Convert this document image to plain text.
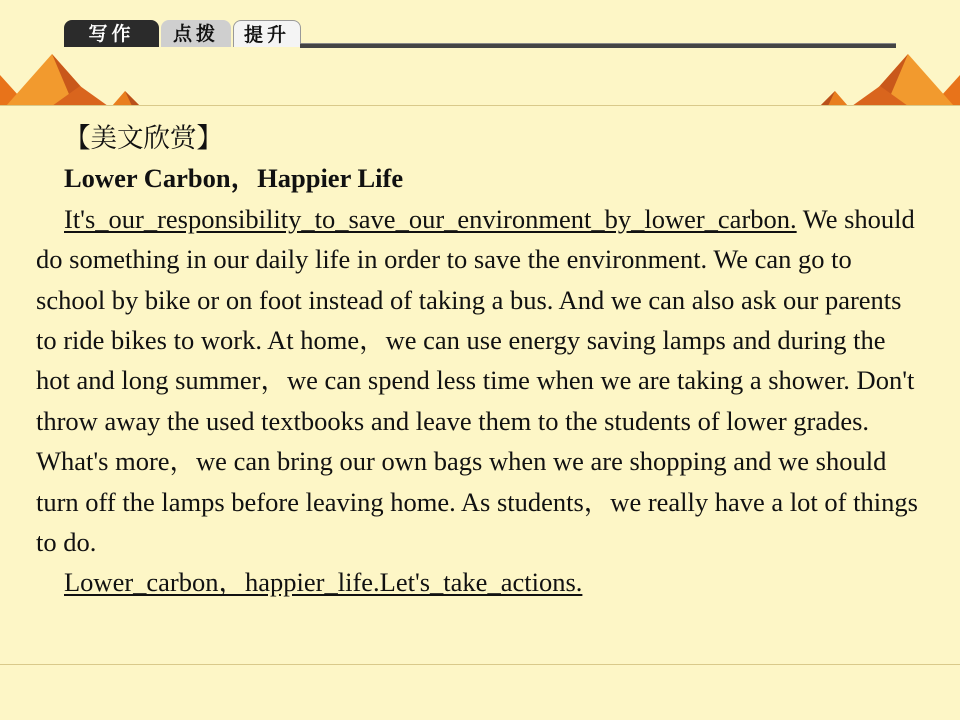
写作	点拨	提升

【美文欣赏】

Lower Carbon，Happier Life

It's_our_responsibility_to_save_our_environment_by_lower_carbon. We should do something in our daily life in order to save the environment. We can go to school by bike or on foot instead of taking a bus. And we can also ask our parents to ride bikes to work. At home，we can use energy saving lamps and during the hot and long summer，we can spend less time when we are taking a shower. Don't throw away the used textbooks and leave them to the students of lower grades. What's more，we can bring our own bags when we are shopping and we should turn off the lamps before leaving home. As students，we really have a lot of things to do.

Lower_carbon，happier_life.Let's_take_actions.
